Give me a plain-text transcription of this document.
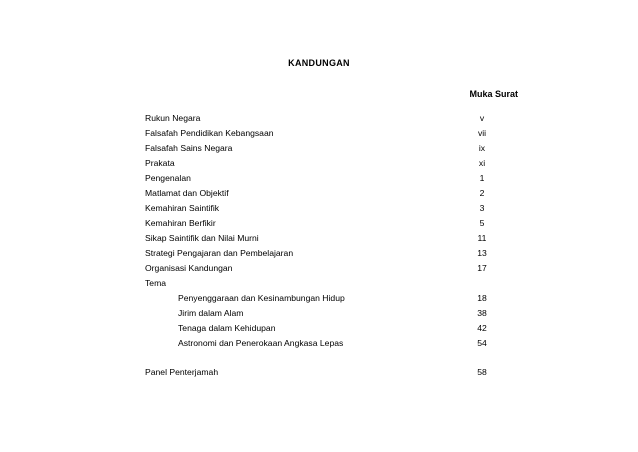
KANDUNGAN
Muka Surat
Rukun Negara	v
Falsafah Pendidikan Kebangsaan	vii
Falsafah Sains Negara	ix
Prakata	xi
Pengenalan	1
Matlamat dan Objektif	2
Kemahiran Saintifik	3
Kemahiran Berfikir	5
Sikap Saintifik dan Nilai Murni	11
Strategi Pengajaran dan Pembelajaran	13
Organisasi Kandungan	17
Tema
Penyenggaraan dan Kesinambungan Hidup	18
Jirim dalam Alam	38
Tenaga dalam Kehidupan	42
Astronomi dan Penerokaan Angkasa Lepas	54
Panel Penterjamah	58
